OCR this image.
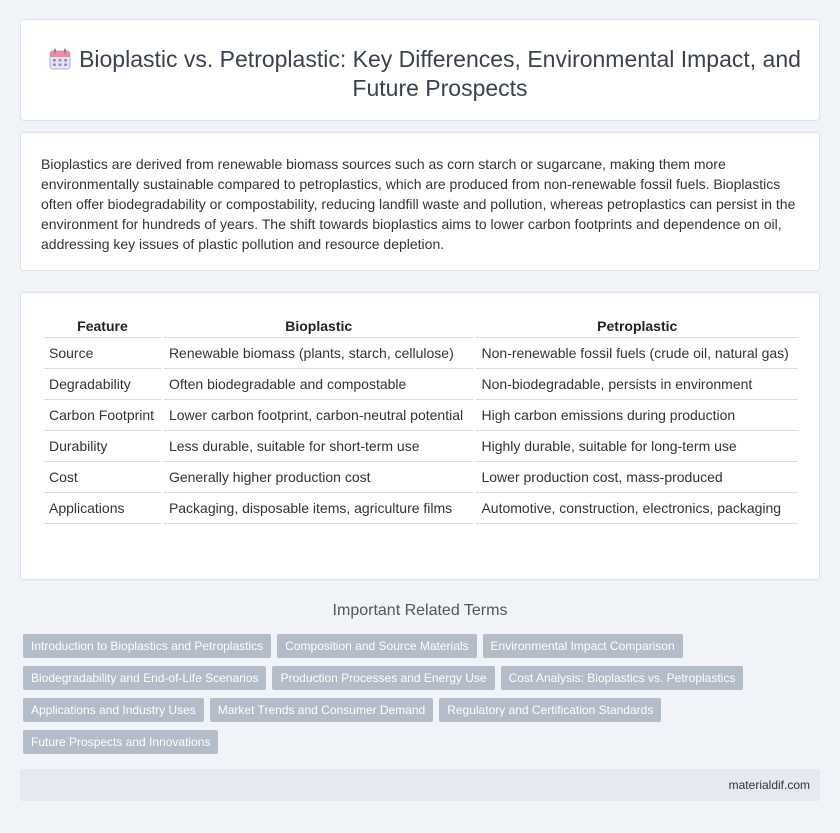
Bioplastic vs. Petroplastic: Key Differences, Environmental Impact, and Future Prospects

Bioplastics are derived from renewable biomass sources such as corn starch or sugarcane, making them more environmentally sustainable compared to petroplastics, which are produced from non-renewable fossil fuels. Bioplastics often offer biodegradability or compostability, reducing landfill waste and pollution, whereas petroplastics can persist in the environment for hundreds of years. The shift towards bioplastics aims to lower carbon footprints and dependence on oil, addressing key issues of plastic pollution and resource depletion.

Feature	Bioplastic	Petroplastic
Source	Renewable biomass (plants, starch, cellulose)	Non-renewable fossil fuels (crude oil, natural gas)
Degradability	Often biodegradable and compostable	Non-biodegradable, persists in environment
Carbon Footprint	Lower carbon footprint, carbon-neutral potential	High carbon emissions during production
Durability	Less durable, suitable for short-term use	Highly durable, suitable for long-term use
Cost	Generally higher production cost	Lower production cost, mass-produced
Applications	Packaging, disposable items, agriculture films	Automotive, construction, electronics, packaging
Important Related Terms
Introduction to Bioplastics and Petroplastics	Composition and Source Materials	Environmental Impact Comparison
Biodegradability and End-of-Life Scenarios	Production Processes and Energy Use	Cost Analysis: Bioplastics vs. Petroplastics
Applications and Industry Uses	Market Trends and Consumer Demand	Regulatory and Certification Standards
Future Prospects and Innovations
materialdif.com
